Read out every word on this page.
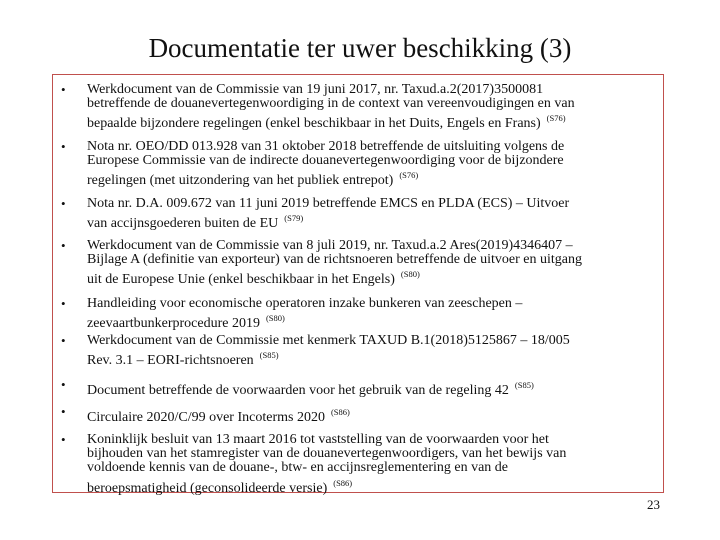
Documentatie ter uwer beschikking (3)
• Werkdocument van de Commissie van 19 juni 2017, nr. Taxud.a.2(2017)3500081
betreffende de douanevertegenwoordiging in de context van vereenvoudigingen en van
bepaalde bijzondere regelingen (enkel beschikbaar in het Duits, Engels en Frans) $^{(S76)}$
• Nota nr. OEO/DD 013.928 van 31 oktober 2018 betreffende de uitsluiting volgens de
Europese Commissie van de indirecte douanevertegenwoordiging voor de bijzondere
regelingen (met uitzondering van het publiek entrepot) $^{(S76)}$
• Nota nr. D.A. 009.672 van 11 juni 2019 betreffende EMCS en PLDA (ECS) – Uitvoer
van accijnsgoederen buiten de EU $^{(S79)}$
• Werkdocument van de Commissie van 8 juli 2019, nr. Taxud.a.2 Ares(2019)4346407 –
Bijlage A (definitie van exporteur) van de richtsnoeren betreffende de uitvoer en uitgang
uit de Europese Unie (enkel beschikbaar in het Engels) $^{(S80)}$
• Handleiding voor economische operatoren inzake bunkeren van zeeschepen –
zeevaartbunkerprocedure 2019 $^{(S80)}$
• Werkdocument van de Commissie met kenmerk TAXUD B.1(2018)5125867 – 18/005
Rev. 3.1 – EORI-richtsnoeren $^{(S85)}$
• Document betreffende de voorwaarden voor het gebruik van de regeling 42 $^{(S85)}$
• Circulaire 2020/C/99 over Incoterms 2020 $^{(S86)}$
• Koninklijk besluit van 13 maart 2016 tot vaststelling van de voorwaarden voor het
bijhouden van het stamregister van de douanevertegenwoordigers, van het bewijs van
voldoende kennis van de douane-, btw- en accijnsreglementering en van de
beroepsmatigheid (geconsolideerde versie) $^{(S86)}$
23
